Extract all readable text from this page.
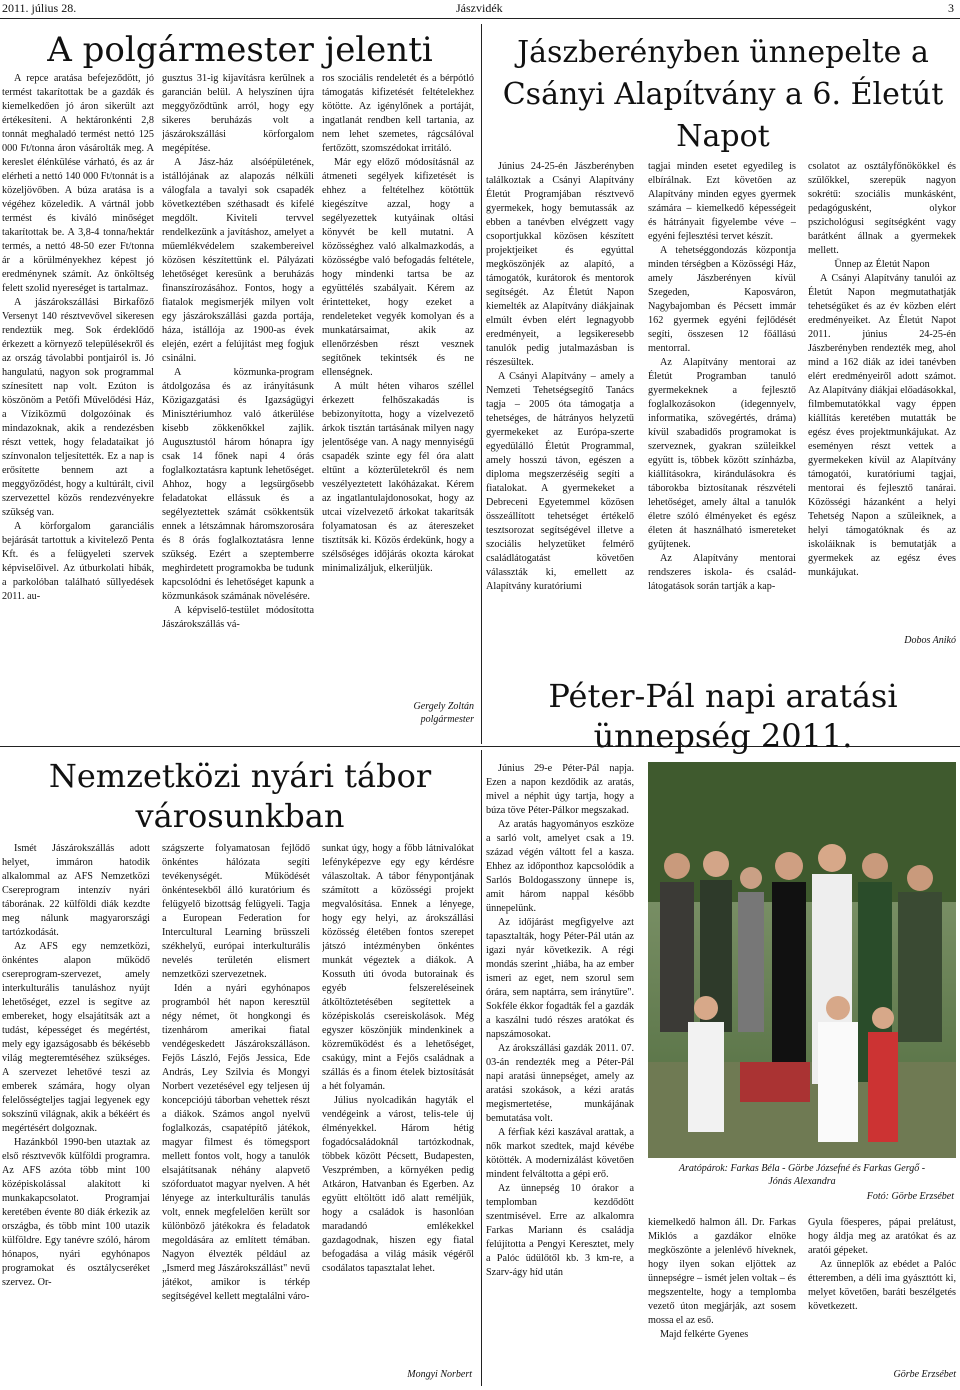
2011. július 28.	Jászvidék	3
A polgármester jelenti

A repce aratása befejeződött, jó termést takarítottak be a gazdák és kiemelkedően jó áron sikerült azt értékesíteni. A hektáronkénti 2,8 tonnát meghaladó termést nettó 125 000 Ft/tonna áron vásárolták meg. A kereslet élénkülése várható, és az ár elérheti a nettó 140 000 Ft/tonnát is a közeljövőben. A búza aratása is a végéhez közeledik. A vártnál jobb termést és kiváló minőséget takarítottak be. A 3,8-4 tonna/hektár termés, a nettó 48-50 ezer Ft/tonna ár a körülményekhez képest jó eredménynek számít. Az önköltség felett szolid nyereséget is tartalmaz.

A jászárokszállási Birkafőző Versenyt 140 résztvevővel sikeresen rendeztük meg. Sok érdeklődő érkezett a környező településekről és az ország távolabbi pontjairól is. Jó hangulatú, nagyon sok programmal színesített nap volt. Ezúton is köszönöm a Petőfi Művelődési Ház, a Víziközmű dolgozóinak és mindazoknak, akik a rendezésben részt vettek, hogy feladataikat jó színvonalon teljesítették. Ez a nap is erősítette bennem azt a meggyőződést, hogy a kultúrált, civil szervezettel közös rendezvényekre szükség van.

A körforgalom garanciális bejárását tartottuk a kivitelező Penta Kft. és a felügyeleti szervek képviselőivel. Az útburkolati hibák, a parkolóban található süllyedések 2011. au-

gusztus 31-ig kijavításra kerülnek a garancián belül. A helyszínen újra meggyőződtünk arról, hogy egy sikeres beruházás volt a jászárokszállási körforgalom megépítése.

A Jász-ház alsóépületének, istállójának az alapozás nélküli válogfala a tavalyi sok csapadék következtében széthasadt és kifelé megdőlt. Kiviteli tervvel rendelkezünk a javításhoz, amelyet a műemlékvédelem szakembereivel közösen készítettünk el. Pályázati lehetőséget keresünk a beruházás finanszírozásához. Fontos, hogy a fiatalok megismerjék milyen volt egy jászárokszállási gazda portája, háza, istállója az 1900-as évek elején, ezért a felújítást meg fogjuk csinálni.

A közmunka-program átdolgozása és az irányításunk Közigazgatási és Igazságügyi Minisztériumhoz való átkerülése kisebb zökkenőkkel zajlik. Augusztustól három hónapra így csak 14 főnek napi 4 órás foglalkoztatásra kaptunk lehetőséget. Ahhoz, hogy a legsürgősebb feladatokat ellássuk és a segélyeztettek számát csökkentsük ennek a létszámnak háromszorosára és 8 órás foglalkoztatásra lenne szükség. Ezért a szeptemberre meghirdetett programokba be tudunk kapcsolódni és lehetőséget kapunk a közmunkások számának növelésére.

A képviselő-testület módosította Jászárokszállás vá-

ros szociális rendeletét és a bérpótló támogatás kifizetését feltételekhez kötötte. Az igénylőnek a portáját, ingatlanát rendben kell tartania, az nem lehet szemetes, rágcsálóval fertőzött, szomszédokat irritáló.

Már egy előző módosításnál az átmeneti segélyek kifizetését is ehhez a feltételhez kötöttük kiegészítve azzal, hogy a segélyezettek kutyáinak oltási könyvét be kell mutatni. A közösséghez való alkalmazkodás, a közösségbe való befogadás feltétele, hogy mindenki tartsa be az együttélés szabályait. Kérem az érintetteket, hogy ezeket a rendeleteket vegyék komolyan és a munkatársaimat, akik az ellenőrzésben részt vesznek segítőnek tekintsék és ne ellenségnek.

A múlt héten viharos széllel érkezett felhőszakadás is bebizonyította, hogy a vízelvezető árkok tisztán tartásának milyen nagy jelentősége van. A nagy mennyiségű csapadék szinte egy fél óra alatt eltűnt a közterületekről és nem veszélyeztetett lakóházakat. Kérem az ingatlantulajdonosokat, hogy az utcai vízelvezető árkokat takarítsák folyamatosan és az átereszeket tisztítsák ki. Közös érdekünk, hogy a szélsőséges időjárás okozta károkat minimalizáljuk, elkerüljük.

Gergely Zoltán
polgármester
Jászberényben ünnepelte a
Csányi Alapítvány a 6. Életút
Napot

Június 24-25-én Jászberényben találkoztak a Csányi Alapítvány Életút Programjában résztvevő gyermekek, hogy bemutassák az ebben a tanévben elvégzett vagy csoportjukkal közösen készített projektjeiket és egyúttal megköszönjék az alapító, a támogatók, kurátorok és mentorok segítségét. Az Életút Napon kiemelték az Alapítvány diákjainak elmúlt évben elért legnagyobb eredményeit, a legsikeresebb tanulók pedig jutalmazásban is részesültek.

A Csányi Alapítvány – amely a Nemzeti Tehetségsegítő Tanács tagja – 2005 óta támogatja a tehetséges, de hátrányos helyzetű gyermekeket az Európa-szerte egyedülálló Életút Programmal, amely hosszú távon, egészen a diploma megszerzéséig segíti a fiatalokat. A gyermekeket a Debreceni Egyetemmel közösen összeállított tehetséget értékelő tesztsorozat segítségével illetve a szociális helyzetüket felmérő családlátogatást követően válasszták ki, emellett az Alapítvány kuratóriumi

tagjai minden esetet egyedileg is elbírálnak. Ezt követően az Alapítvány minden egyes gyermek számára – kiemelkedő képességeit és hátrányait figyelembe véve – egyéni fejlesztési tervet készít.

A tehetséggondozás központja minden térségben a Közösségi Ház, amely Jászberényen kívül Szegeden, Kaposváron, Nagybajomban és Pécsett immár 162 gyermek egyéni fejlődését segíti, összesen 12 főállású mentorral.

Az Alapítvány mentorai az Életút Programban tanuló gyermekeknek a fejlesztő foglalkozásokon (idegennyelv, informatika, szövegértés, dráma) kívül szabadidős programokat is szerveznek, gyakran szüleikkel együtt is, többek között színházba, kiállításokra, kirándulásokra és táborokba biztosítanak részvételi lehetőséget, amely által a tanulók életre szóló élményeket és egész életen át használható ismereteket gyűjtenek.

Az Alapítvány mentorai rendszeres iskola- és család-látogatások során tartják a kap-

csolatot az osztályfőnökökkel és szülőkkel, szerepük nagyon sokrétű: szociális munkásként, pedagógusként, olykor pszichológusi segítségként vagy barátként állnak a gyermekek mellett.

Ünnep az Életút Napon

A Csányi Alapítvány tanulói az Életút Napon megmutathatják tehetségüket és az év közben elért eredményeiket. Az Életút Napot 2011. június 24-25-én Jászberényben rendezték meg, ahol mind a 162 diák az idei tanévben elért eredményeiről adott számot. Az Alapítvány diákjai előadásokkal, filmbemutatókkal vagy éppen kiállítás keretében mutatták be egész éves projektmunkájukat. Az eseményen részt vettek a gyermekeken kívül az Alapítvány támogatói, kuratóriumi tagjai, mentorai és fejlesztő tanárai. Közösségi házanként a helyi Tehetség Napon a szüleiknek, a helyi támogatóknak és az iskoláiknak is bemutatják a gyermekek az egész éves munkájukat.

Dobos Anikó
Péter-Pál napi aratási
ünnepség 2011.

Június 29-e Péter-Pál napja. Ezen a napon kezdődik az aratás, mivel a néphit úgy tartja, hogy a búza töve Péter-Pálkor megszakad.

Az aratás hagyományos eszköze a sarló volt, amelyet csak a 19. század végén váltott fel a kasza. Ehhez az időponthoz kapcsolódik a Sarlós Boldogasszony ünnepe is, amit három nappal később ünnepelünk.

Az időjárást megfigyelve azt tapasztalták, hogy Péter-Pál után az igazi nyár következik. A régi mondás szerint „hiába, ha az ember ismeri az eget, nem szorul sem órára, sem naptárra, sem iránytűre". Sokféle ékkor fogadták fel a gazdák a kaszálni tudó részes aratókat és napszámosokat.

Az árokszállási gazdák 2011. 07. 03-án rendezték meg a Péter-Pál napi aratási ünnepséget, amely az aratási szokások, a kézi aratás megismertetése, munkájának bemutatása volt.

A férfiak kézi kaszával arattak, a nők markot szedtek, majd kévébe kötötték. A modernizálást követően mindent felváltotta a gépi erő.

Az ünnepség 10 órakor a templomban kezdődött szentmisével. Erre az alkalomra Farkas Mariann és családja felújította a Pengyi Keresztet, mely a Palóc üdülőtől kb. 3 km-re, a Szarv-ágy híd után

Aratópárok: Farkas Béla - Görbe Józsefné és Farkas Gergő -
Jónás Alexandra
Fotó: Görbe Erzsébet

kiemelkedő halmon áll. Dr. Farkas Miklós a gazdákor elnöke megköszönte a jelenlévő híveknek, hogy ilyen sokan eljöttek az ünnepségre – ismét jelen voltak – és megszentelte, hogy a templomba vezető úton megjárják, azt sosem mossa el az eső.

Majd felkérte Gyenes

Gyula főesperes, pápai prelátust, hogy áldja meg az aratókat és az aratói gépeket.

Az ünneplők az ebédet a Palóc étteremben, a déli ima gyászttótt ki, melyet követően, baráti beszélgetés következett.

Görbe Erzsébet
Nemzetközi nyári tábor
városunkban

Ismét Jászárokszállás adott helyet, immáron hatodik alkalommal az AFS Nemzetközi Csereprogram intenzív nyári táborának. 22 külföldi diák kezdte meg nálunk magyarországi tartózkodását.

Az AFS egy nemzetközi, önkéntes alapon működő csereprogram-szervezet, amely interkulturális tanuláshoz nyújt lehetőséget, ezzel is segítve az embereket, hogy elsajátítsák azt a tudást, képességet és megértést, mely egy igazságosabb és békésebb világ megteremtéséhez szükséges. A szervezet lehetővé teszi az emberek számára, hogy olyan felelősségteljes tagjai legyenek egy sokszínű világnak, akik a békéért és megértésért dolgoznak.

Hazánkból 1990-ben utaztak az első résztvevők külföldi programra. Az AFS azóta több mint 100 középiskolással alakított ki munkakapcsolatot. Programjai keretében évente 80 diák érkezik az országba, és több mint 100 utazik külföldre. Egy tanévre szóló, három hónapos, nyári egyhónapos programokat és osztálycseréket szervez. Or-

szágszerte folyamatosan fejlődő önkéntes hálózata segíti tevékenységét. Működését önkéntesekből álló kuratórium és felügyelő bizottság felügyeli. Tagja a European Federation for Intercultural Learning brüsszeli székhelyű, európai interkulturális nevelés területén elismert nemzetközi szervezetnek.

Idén a nyári egyhónapos programból hét napon keresztül négy német, öt hongkongi és tizenhárom amerikai fiatal vendégeskedett Jászárokszálláson. Fejős László, Fejős Jessica, Ede András, Ley Szilvia és Mongyi Norbert vezetésével egy teljesen új koncepciójú táborban vehettek részt a diákok. Számos angol nyelvű foglalkozás, csapatépítő játékok, magyar filmest és tömegsport mellett fontos volt, hogy a tanulók elsajátítsanak néhány alapvető szóforduatot magyar nyelven. A hét lényege az interkulturális tanulás volt, ennek megfelelően került sor különböző játékokra és feladatok megoldására az említett témában. Nagyon élvezték például az „Ismerd meg Jászárokszállást" nevű játékot, amikor is térkép segítségével kellett megtalálni váro-

sunkat úgy, hogy a főbb látnivalókat lefényképezve egy egy kérdésre válaszoltak. A tábor fénypontjának számított a közösségi projekt megvalósítása. Ennek a lényege, hogy egy helyi, az árokszállási közösség életében fontos szerepet játszó intézményben önkéntes munkát végeztek a diákok. A Kossuth úti óvoda butorainak és egyéb felszereléseinek átköltöztetésében segítettek a középiskolás csereiskolások. Még egyszer köszönjük mindenkinek a közreműködést és a lehetőséget, csakúgy, mint a Fejős családnak a szállás és a finom ételek biztosítását a hét folyamán.

Július nyolcadikán hagyták el vendégeink a várost, telis-tele új élményekkel. Három hétig fogadócsaládoknál tartózkodnak, többek között Pécsett, Budapesten, Veszprémben, a környéken pedig Atkáron, Hatvanban és Egerben. Az együtt eltöltött idő alatt reméljük, hogy a családok is hasonlóan maradandó emlékekkel gazdagodnak, hiszen egy fiatal befogadása a világ másik végéről csodálatos tapasztalat lehet.

Mongyi Norbert
